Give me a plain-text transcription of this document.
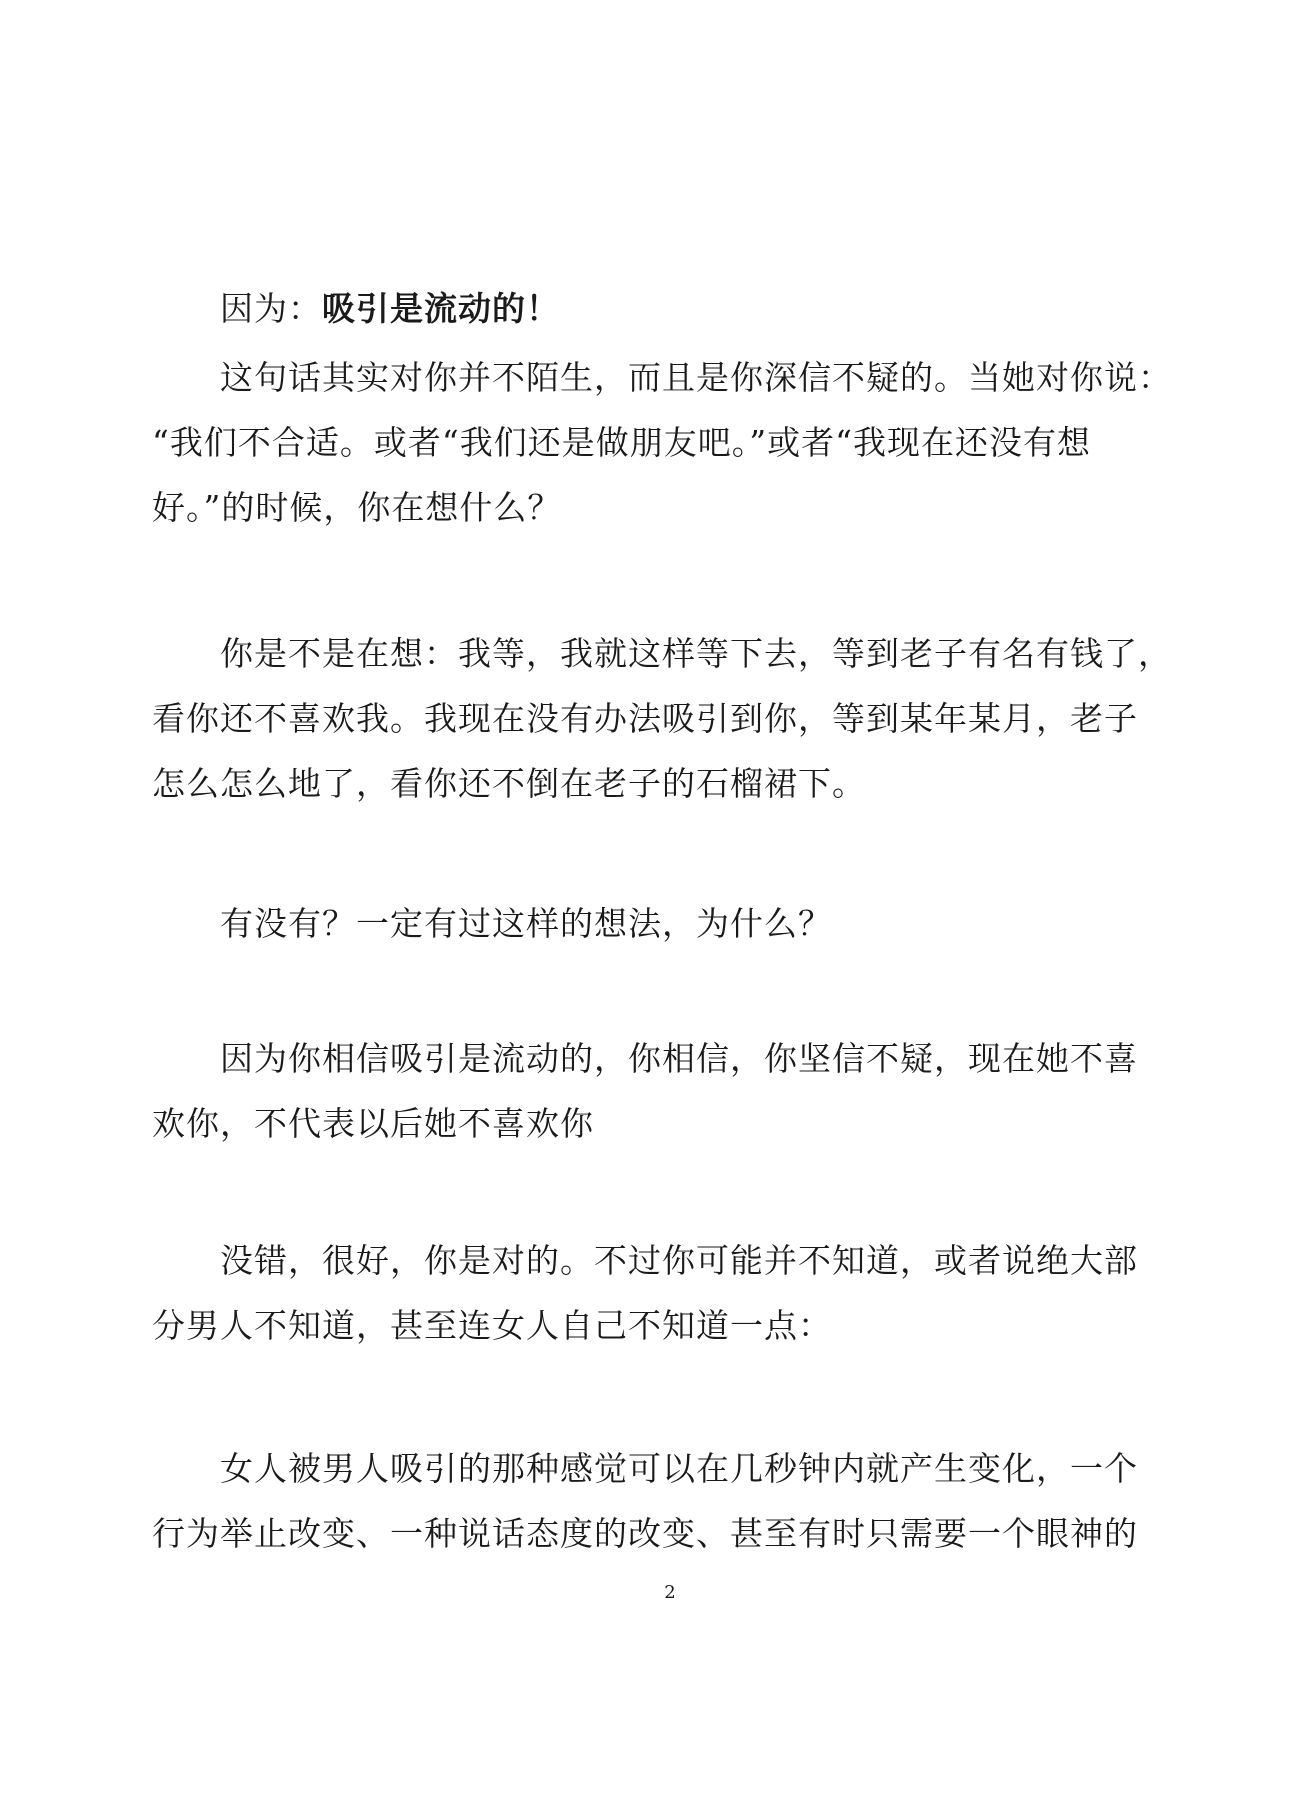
因为：吸引是流动的！
这句话其实对你并不陌生，而且是你深信不疑的。当她对你说：
“我们不合适。或者“我们还是做朋友吧。”或者“我现在还没有想
好。”的时候，你在想什么？
你是不是在想：我等，我就这样等下去，等到老子有名有钱了，
看你还不喜欢我。我现在没有办法吸引到你，等到某年某月，老子
怎么怎么地了，看你还不倒在老子的石榴裙下。
有没有？一定有过这样的想法，为什么？
因为你相信吸引是流动的，你相信，你坚信不疑，现在她不喜
欢你，不代表以后她不喜欢你
没错，很好，你是对的。不过你可能并不知道，或者说绝大部
分男人不知道，甚至连女人自己不知道一点：
女人被男人吸引的那种感觉可以在几秒钟内就产生变化，一个
行为举止改变、一种说话态度的改变、甚至有时只需要一个眼神的
2
